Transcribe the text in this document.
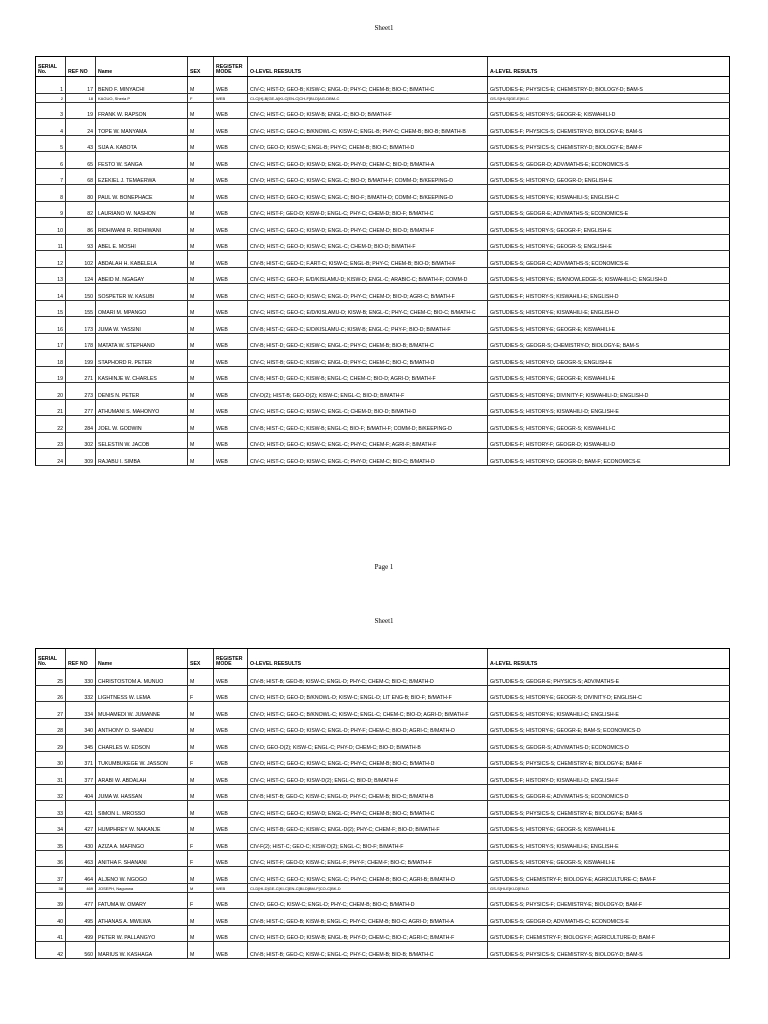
Sheet1
SERIAL No.	REF NO	Name	SEX	REGISTER MODE	O-LEVEL REESULTS	A-LEVEL RESULTS
1	17	BENO F. MINYACHI	M	WEB	CIV-C; HIST-D; GEO-B; KISW-C; ENGL-D; PHY-C; CHEM-B; BIO-C; B/MATH-C	G/STUDIES-E; PHYSICS-E; CHEMISTRY-D; BIOLOGY-D; BAM-S
2	18	KAGUO, Sheria P	F	WEB	CI-C[H]-B[GE-A]KI-C[EN-C]CH-F[BI-D]AG-DBM-C	GS-S[HI-S]GE-E[KI-C
3	19	FRANK W. RAPSON	M	WEB	CIV-C; HIST-C; GEO-D; KISW-B; ENGL-C; BIO-D; B/MATH-F	G/STUDIES-S; HISTORY-S; GEOGR-E; KISWAHILI-D
4	24	TOPE W. MANYAMA	M	WEB	CIV-C; HIST-C; GEO-C; B/KNOWL-C; KISW-C; ENGL-B; PHY-C; CHEM-B; BIO-B; B/MATH-B	G/STUDIES-F; PHYSICS-S; CHEMISTRY-D; BIOLOGY-E; BAM-S
5	43	SIJA A. KABOTA	M	WEB	CIV-D; GEO-D; KISW-C; ENGL-B; PHY-C; CHEM-B; BIO-C; B/MATH-D	G/STUDIES-S; PHYSICS-S; CHEMISTRY-D; BIOLOGY-E; BAM-F
6	65	FESTO W. SANGA	M	WEB	CIV-C; HIST-C; GEO-D; KISW-D; ENGL-D; PHY-D; CHEM-C; BIO-D; B/MATH-A	G/STUDIES-S; GEOGR-D; ADV/MATHS-E; ECONOMICS-S
7	68	EZEKIEL J. TEMAERWA	M	WEB	CIV-D; HIST-C; GEO-C; KISW-C; ENGL-C; BIO-D; B/MATH-F; COMM-D; B/KEEPING-D	G/STUDIES-S; HISTORY-D; GEOGR-D; ENGLISH-E
8	80	PAUL W. BONEPHACE	M	WEB	CIV-D; HIST-D; GEO-C; KISW-C; ENGL-C; BIO-F; B/MATH-D; COMM-C; B/KEEPING-D	G/STUDIES-S; HISTORY-E; KISWAHILI-S; ENGLISH-C
9	82	LAURIANO W. NASHON	M	WEB	CIV-C; HIST-F; GEO-D; KISW-D; ENGL-C; PHY-C; CHEM-D; BIO-F; B/MATH-C	G/STUDIES-S; GEOGR-E; ADV/MATHS-S; ECONOMICS-E
10	86	RIDHIWANI R. RIDHIWANI	M	WEB	CIV-C; HIST-C; GEO-C; KISW-D; ENGL-D; PHY-C; CHEM-D; BIO-D; B/MATH-F	G/STUDIES-S; HISTORY-S; GEOGR-F; ENGLISH-E
11	93	ABEL E. MOSHI	M	WEB	CIV-D; HIST-C; GEO-D; KISW-C; ENGL-C; CHEM-D; BIO-D; B/MATH-F	G/STUDIES-S; HISTORY-E; GEOGR-S; ENGLISH-E
12	102	ABDALAH H. KABELELA	M	WEB	CIV-B; HIST-C; GEO-C; F.ART-C; KISW-C; ENGL-B; PHY-C; CHEM-B; BIO-D; B/MATH-F	G/STUDIES-S; GEOGR-C; ADV/MATHS-S; ECONOMICS-E
13	124	ABEID M. NGAGAY	M	WEB	CIV-C; HIST-C; GEO-F; E/D/KISLAMU-D; KISW-D; ENGL-C; ARABIC-C; B/MATH-F; COMM-D	G/STUDIES-S; HISTORY-E; IS/KNOWLEDGE-S; KISWAHILI-C; ENGLISH-D
14	150	SOSPETER W. KASUBI	M	WEB	CIV-C; HIST-C; GEO-D; KISW-C; ENGL-D; PHY-C; CHEM-D; BIO-D; AGRI-C; B/MATH-F	G/STUDIES-F; HISTORY-S; KISWAHILI-E; ENGLISH-D
15	155	OMARI M. MPANGO	M	WEB	CIV-C; HIST-C; GEO-C; E/D/KISLAMU-D; KISW-B; ENGL-C; PHY-C; CHEM-C; BIO-C; B/MATH-C	G/STUDIES-S; HISTORY-E; KISWAHILI-E; ENGLISH-D
16	173	JUMA W. YASSINI	M	WEB	CIV-B; HIST-C; GEO-C; E/D/KISLAMU-C; KISW-B; ENGL-C; PHY-F; BIO-D; B/MATH-F	G/STUDIES-S; HISTORY-E; GEOGR-E; KISWAHILI-E
17	178	MATATA W. STEPHANO	M	WEB	CIV-B; HIST-D; GEO-C; KISW-C; ENGL-C; PHY-C; CHEM-B; BIO-B; B/MATH-C	G/STUDIES-S; GEOGR-S; CHEMISTRY-D; BIOLOGY-E; BAM-S
18	199	STAPHORD R. PETER	M	WEB	CIV-C; HIST-B; GEO-C; KISW-C; ENGL-D; PHY-C; CHEM-C; BIO-C; B/MATH-D	G/STUDIES-S; HISTORY-D; GEOGR-S; ENGLISH-E
19	271	KASHINJE W. CHARLES	M	WEB	CIV-B; HIST-D; GEO-C; KISW-B; ENGL-C; CHEM-C; BIO-D; AGRI-D; B/MATH-F	G/STUDIES-S; HISTORY-E; GEOGR-E; KISWAHILI-E
20	273	DENIS N. PETER	M	WEB	CIV-D(2); HIST-B; GEO-D(2); KISW-C; ENGL-C; BIO-D; B/MATH-F	G/STUDIES-S; HISTORY-E; DIVINITY-F; KISWAHILI-D; ENGLISH-D
21	277	ATHUMANI S. MAHONYO	M	WEB	CIV-C; HIST-C; GEO-C; KISW-C; ENGL-C; CHEM-D; BIO-D; B/MATH-D	G/STUDIES-S; HISTORY-S; KISWAHILI-D; ENGLISH-E
22	284	JOEL W. GODWIN	M	WEB	CIV-B; HIST-C; GEO-C; KISW-B; ENGL-C; BIO-F; B/MATH-F; COMM-D; B/KEEPING-D	G/STUDIES-S; HISTORY-E; GEOGR-S; KISWAHILI-C
23	302	SELESTIN W. JACOB	M	WEB	CIV-D; HIST-D; GEO-C; KISW-C; ENGL-C; PHY-C; CHEM-F; AGRI-F; B/MATH-F	G/STUDIES-F; HISTORY-F; GEOGR-D; KISWAHILI-D
24	309	RAJABU I. SIMBA	M	WEB	CIV-C; HIST-C; GEO-D; KISW-C; ENGL-C; PHY-D; CHEM-C; BIO-C; B/MATH-D	G/STUDIES-S; HISTORY-D; GEOGR-D; BAM-F; ECONOMICS-E
Page 1
Sheet1
SERIAL No.	REF NO	Name	SEX	REGISTER MODE	O-LEVEL REESULTS	A-LEVEL RESULTS
25	330	CHRISTOSTOM A. MUNUO	M	WEB	CIV-B; HIST-B; GEO-B; KISW-C; ENGL-D; PHY-C; CHEM-C; BIO-C; B/MATH-D	G/STUDIES-S; GEOGR-E; PHYSICS-S; ADV/MATHS-E
26	332	LIGHTNESS W. LEMA	F	WEB	CIV-D; HIST-D; GEO-D; B/KNOWL-D; KISW-C; ENGL-D; LIT ENG-B; BIO-F; B/MATH-F	G/STUDIES-S; HISTORY-E; GEOGR-S; DIVINITY-D; ENGLISH-C
27	334	MUHAMEDI W. JUMANNE	M	WEB	CIV-D; HIST-C; GEO-C; B/KNOWL-C; KISW-C; ENGL-C; CHEM-C; BIO-D; AGRI-D; B/MATH-F	G/STUDIES-S; HISTORY-E; KISWAHILI-C; ENGLISH-E
28	340	ANTHONY O. SHANDU	M	WEB	CIV-D; HIST-C; GEO-D; KISW-C; ENGL-D; PHY-F; CHEM-C; BIO-D; AGRI-C; B/MATH-D	G/STUDIES-S; HISTORY-E; GEOGR-E; BAM-S; ECONOMICS-D
29	345	CHARLES W. EDSON	M	WEB	CIV-D; GEO-D(2); KISW-C; ENGL-C; PHY-D; CHEM-C; BIO-D; B/MATH-B	G/STUDIES-S; GEOGR-S; ADV/MATHS-D; ECONOMICS-D
30	371	TUKUMBUKEGE W. JASSON	F	WEB	CIV-D; HIST-C; GEO-C; KISW-C; ENGL-C; PHY-C; CHEM-B; BIO-C; B/MATH-D	G/STUDIES-S; PHYSICS-S; CHEMISTRY-E; BIOLOGY-E; BAM-F
31	377	ARABI W. ABDALAH	M	WEB	CIV-C; HIST-C; GEO-D; KISW-D(2); ENGL-C; BIO-D; B/MATH-F	G/STUDIES-F; HISTORY-D; KISWAHILI-D; ENGLISH-F
32	404	JUMA W. HASSAN	M	WEB	CIV-B; HIST-B; GEO-C; KISW-C; ENGL-D; PHY-C; CHEM-B; BIO-C; B/MATH-B	G/STUDIES-S; GEOGR-E; ADV/MATHS-S; ECONOMICS-D
33	421	SIMON L. MROSSO	M	WEB	CIV-C; HIST-C; GEO-C; KISW-D; ENGL-C; PHY-C; CHEM-B; BIO-C; B/MATH-C	G/STUDIES-S; PHYSICS-S; CHEMISTRY-E; BIOLOGY-E; BAM-S
34	427	HUMPHREY W. NAKANJE	M	WEB	CIV-C; HIST-B; GEO-C; KISW-C; ENGL-D(2); PHY-C; CHEM-F; BIO-D; B/MATH-F	G/STUDIES-S; HISTORY-E; GEOGR-S; KISWAHILI-E
35	430	AZIZA A. MAFINGO	F	WEB	CIV-F(2); HIST-C; GEO-C; KISW-D(2); ENGL-C; BIO-F; B/MATH-F	G/STUDIES-S; HISTORY-S; KISWAHILI-E; ENGLISH-E
36	463	ANITHA F. SHANANI	F	WEB	CIV-C; HIST-F; GEO-D; KISW-C; ENGL-F; PHY-F; CHEM-F; BIO-C; B/MATH-F	G/STUDIES-S; HISTORY-E; GEOGR-S; KISWAHILI-E
37	464	ALJENO W. NGOGO	M	WEB	CIV-C; HIST-C; GEO-C; KISW-C; ENGL-C; PHY-C; CHEM-B; BIO-C; AGRI-B; B/MATH-D	G/STUDIES-S; CHEMISTRY-F; BIOLOGY-E; AGRICULTURE-C; BAM-F
38	469	JOSEPH, Nagunwa	M	WEB	CI-D[HI-D]GE-C[KI-C]EN-C[BI-D]BM-F[CO-C]BK-D	GS-S[HI-E]KI-D[EN-D
39	477	FATUMA W. OMARY	F	WEB	CIV-D; GEO-C; KISW-C; ENGL-D; PHY-C; CHEM-B; BIO-C; B/MATH-D	G/STUDIES-S; PHYSICS-F; CHEMISTRY-E; BIOLOGY-D; BAM-F
40	495	ATHANAS A. MWILWA	M	WEB	CIV-B; HIST-C; GEO-B; KISW-B; ENGL-C; PHY-C; CHEM-B; BIO-C; AGRI-D; B/MATH-A	G/STUDIES-S; GEOGR-D; ADV/MATHS-C; ECONOMICS-E
41	499	PETER W. PALLANGYO	M	WEB	CIV-D; HIST-D; GEO-D; KISW-B; ENGL-B; PHY-D; CHEM-C; BIO-C; AGRI-C; B/MATH-F	G/STUDIES-F; CHEMISTRY-F; BIOLOGY-F; AGRICULTURE-D; BAM-F
42	560	MARIUS W. KASHAGA	M	WEB	CIV-B; HIST-B; GEO-C; KISW-C; ENGL-C; PHY-C; CHEM-B; BIO-B; B/MATH-C	G/STUDIES-S; PHYSICS-S; CHEMISTRY-S; BIOLOGY-D; BAM-S
